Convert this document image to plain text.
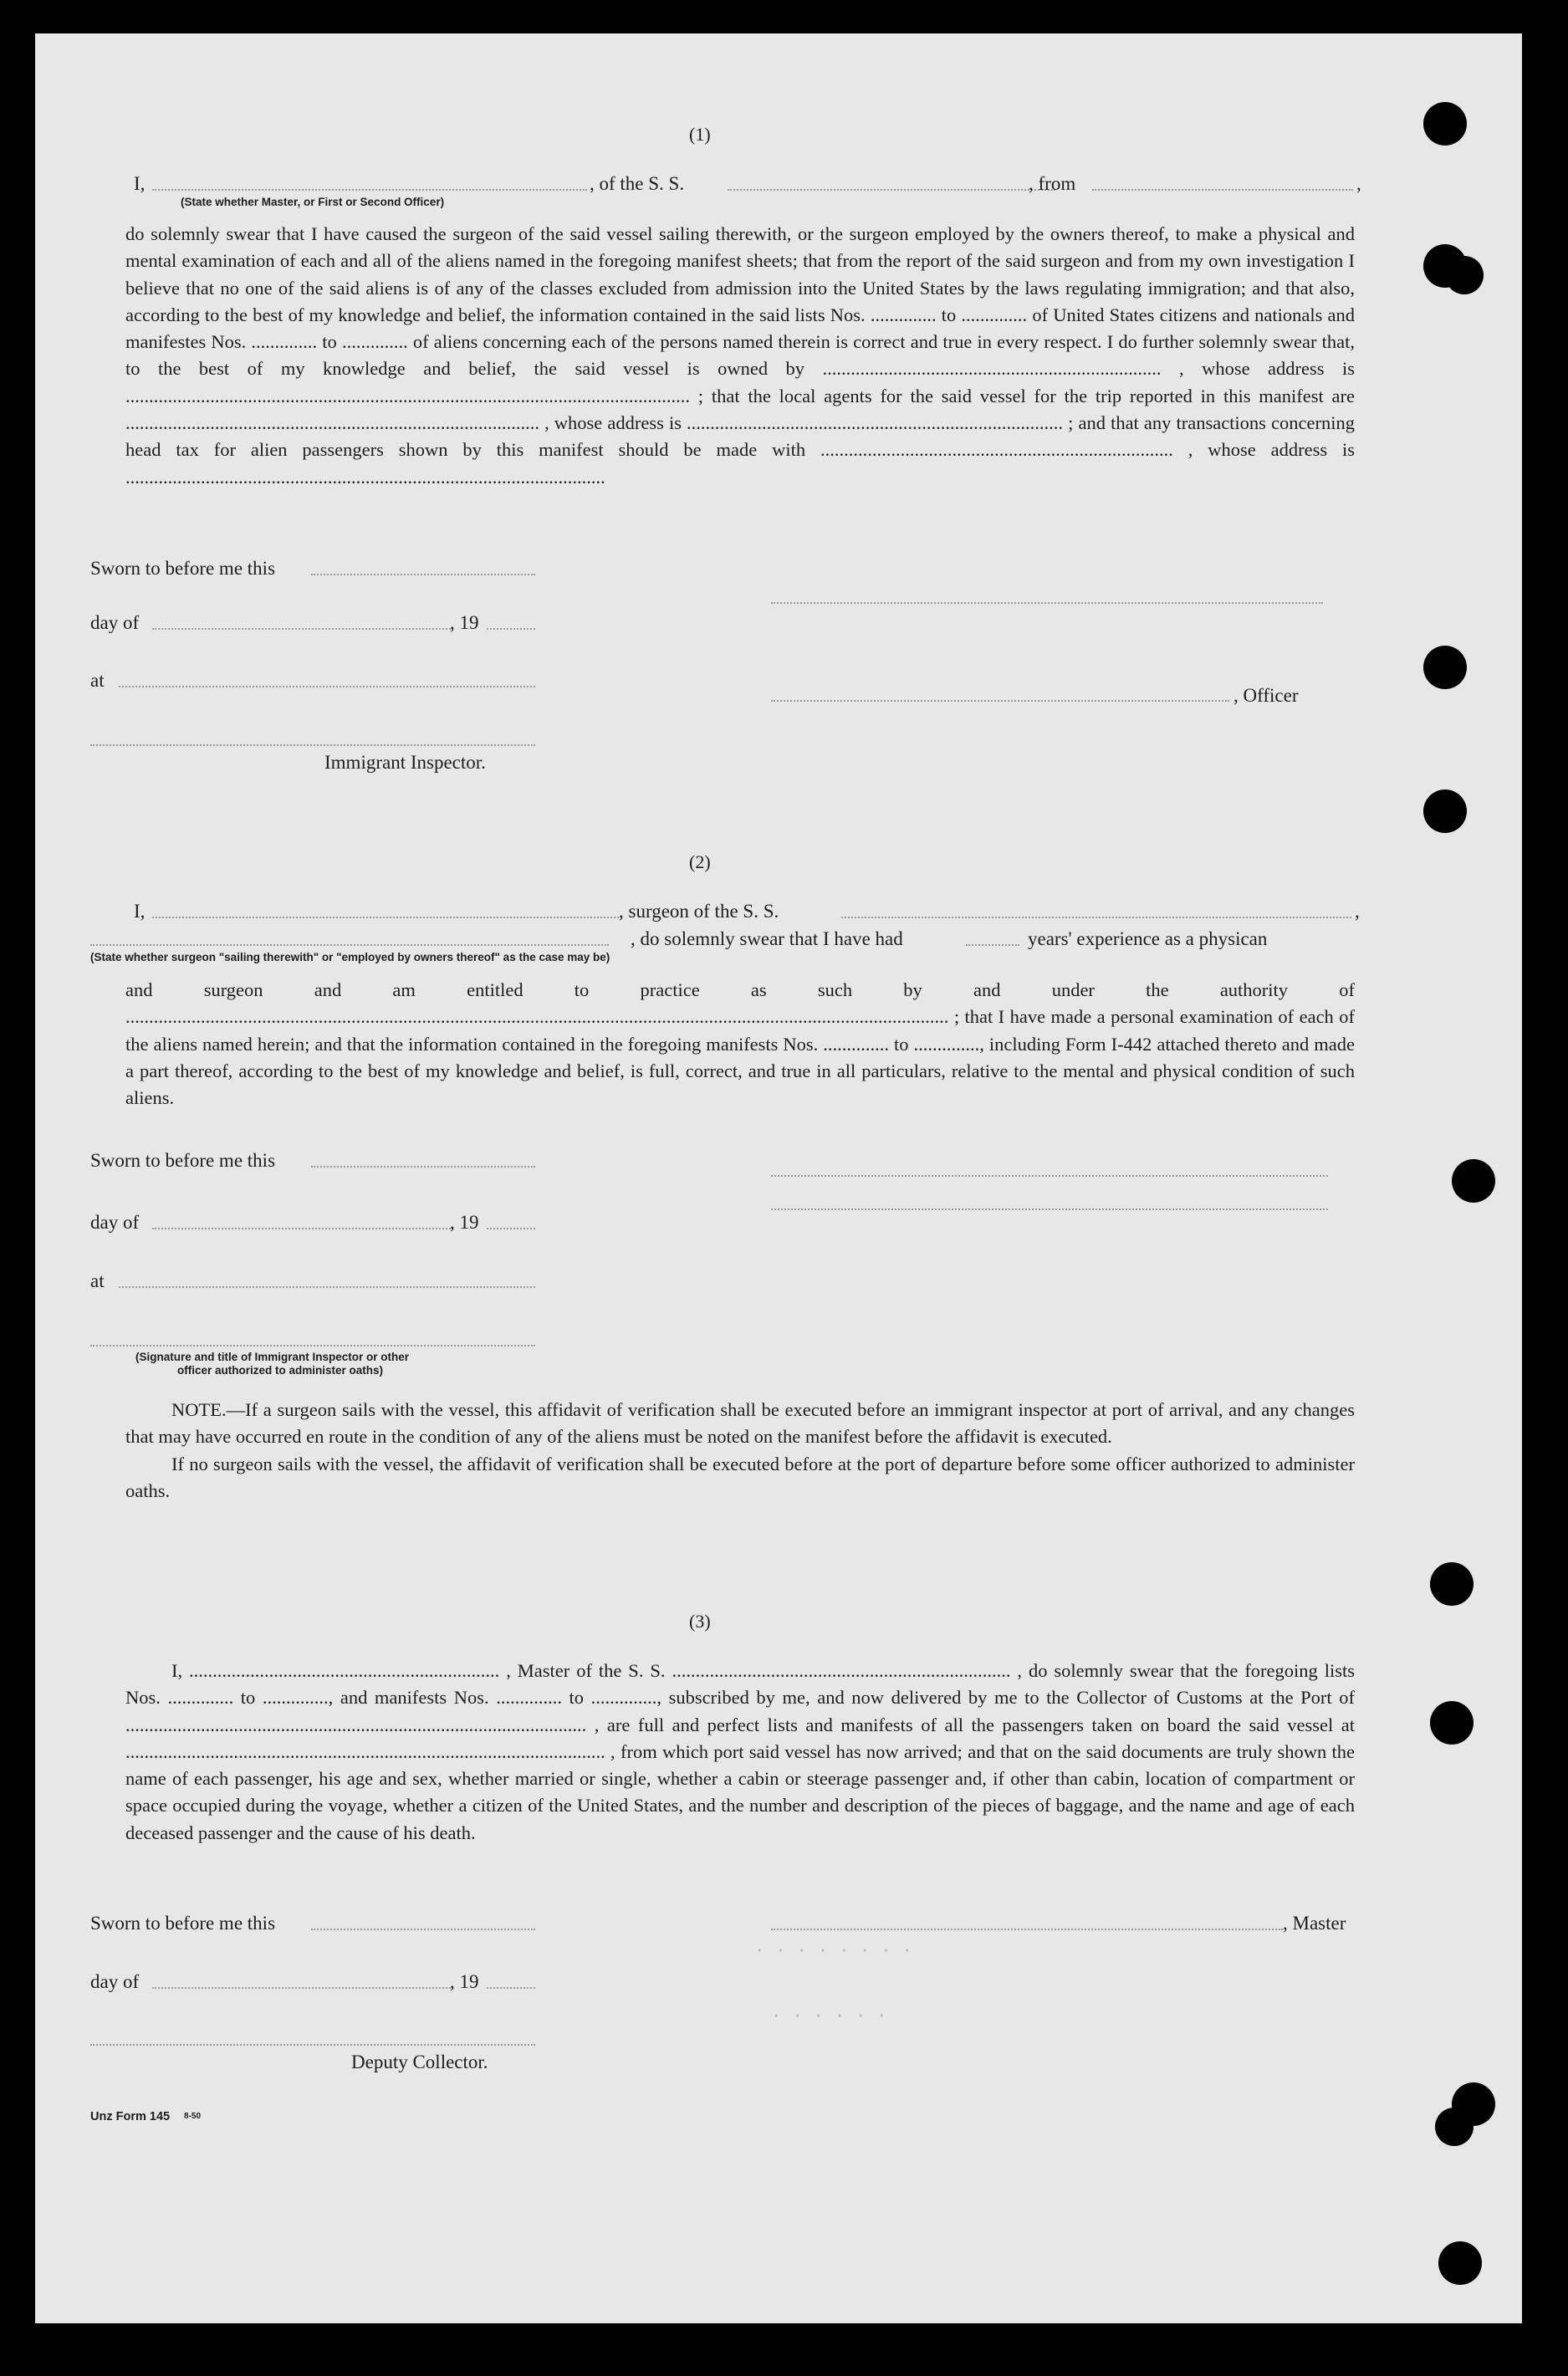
(1)
I,	, of the S. S.	, from	,
(State whether Master, or First or Second Officer)

do solemnly swear that I have caused the surgeon of the said vessel sailing therewith, or the surgeon employed by the owners thereof, to make a physical and mental examination of each and all of the aliens named in the foregoing manifest sheets; that from the report of the said surgeon and from my own investigation I believe that no one of the said aliens is of any of the classes excluded from admission into the United States by the laws regulating immigration; and that also, according to the best of my knowledge and belief, the information contained in the said lists Nos. .............. to .............. of United States citizens and nationals and manifestes Nos. .............. to .............. of aliens concerning each of the persons named therein is correct and true in every respect. I do further solemnly swear that, to the best of my knowledge and belief, the said vessel is owned by ........................................................................ , whose address is ........................................................................................................................ ; that the local agents for the said vessel for the trip reported in this manifest are ........................................................................................ , whose address is ................................................................................ ; and that any transactions concerning head tax for alien passengers shown by this manifest should be made with ........................................................................... , whose address is ......................................................................................................

Sworn to before me this
day of	, 19
at
, Officer
Immigrant Inspector.
(2)
I,	, surgeon of the S. S.	,
, do solemnly swear that I have had	years' experience as a physican
(State whether surgeon "sailing therewith" or "employed by owners thereof" as the case may be)

and surgeon and am entitled to practice as such by and under the authority of ............................................................................................................................................................................... ; that I have made a personal examination of each of the aliens named herein; and that the information contained in the foregoing manifests Nos. .............. to .............., including Form I-442 attached thereto and made a part thereof, according to the best of my knowledge and belief, is full, correct, and true in all particulars, relative to the mental and physical condition of such aliens.

Sworn to before me this
day of	, 19
at
(Signature and title of Immigrant Inspector or other
officer authorized to administer oaths)

NOTE.—If a surgeon sails with the vessel, this affidavit of verification shall be executed before an immigrant inspector at port of arrival, and any changes that may have occurred en route in the condition of any of the aliens must be noted on the manifest before the affidavit is executed.

If no surgeon sails with the vessel, the affidavit of verification shall be executed before at the port of departure before some officer authorized to administer oaths.

(3)

I, .................................................................. , Master of the S. S. ........................................................................ , do solemnly swear that the foregoing lists Nos. .............. to .............., and manifests Nos. .............. to .............., subscribed by me, and now delivered by me to the Collector of Customs at the Port of .................................................................................................. , are full and perfect lists and manifests of all the passengers taken on board the said vessel at ...................................................................................................... , from which port said vessel has now arrived; and that on the said documents are truly shown the name of each passenger, his age and sex, whether married or single, whether a cabin or steerage passenger and, if other than cabin, location of compartment or space occupied during the voyage, whether a citizen of the United States, and the number and description of the pieces of baggage, and the name and age of each deceased passenger and the cause of his death.

Sworn to before me this	, Master
day of	, 19
Deputy Collector.
· · · · · · · ·
· · · · · ·
Unz Form 145 8-50
